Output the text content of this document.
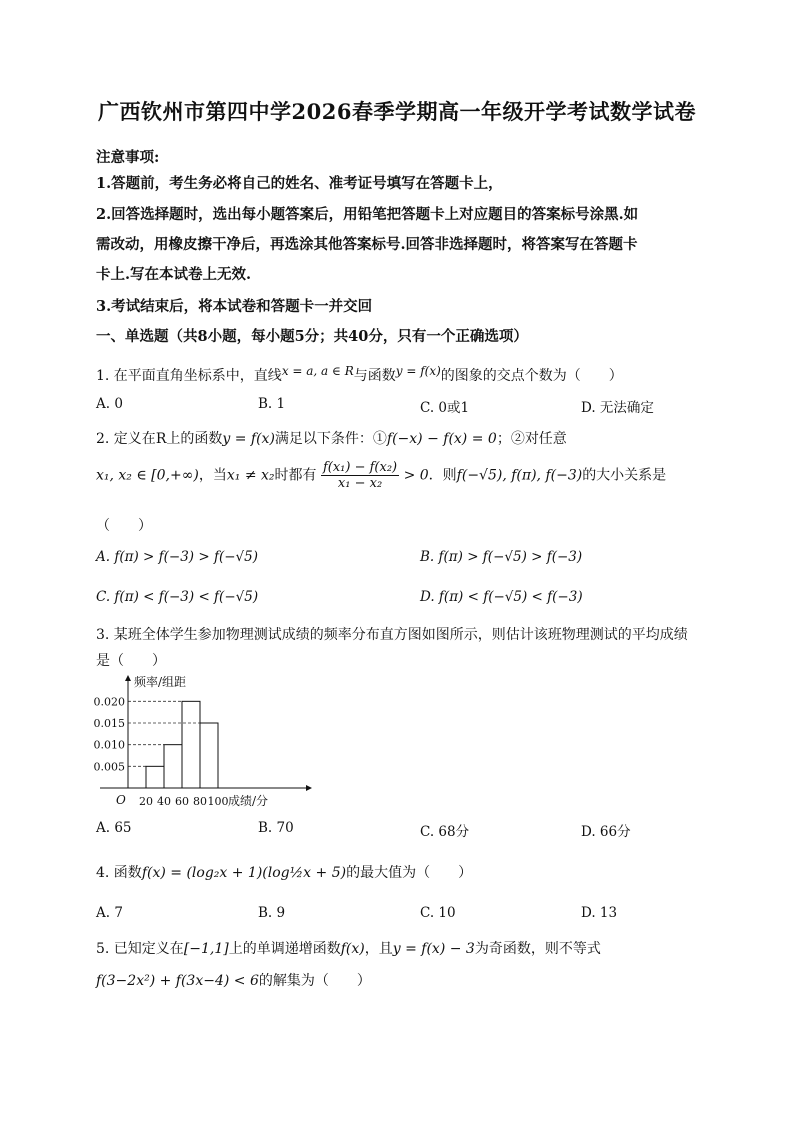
广西钦州市第四中学2026春季学期高一年级开学考试数学试卷
注意事项:
1.答题前，考生务必将自己的姓名、准考证号填写在答题卡上，
2.回答选择题时，选出每小题答案后，用铅笔把答题卡上对应题目的答案标号涂黑.如
需改动，用橡皮擦干净后，再选涂其他答案标号.回答非选择题时，将答案写在答题卡
卡上.写在本试卷上无效.
3.考试结束后，将本试卷和答题卡一并交回
一、单选题（共8小题，每小题5分；共40分，只有一个正确选项）
1. 在平面直角坐标系中，直线x = a, a ∈ R与函数y = f(x)的图象的交点个数为（　　）
A. 0	B. 1	C. 0或1	D. 无法确定
2. 定义在R上的函数y = f(x)满足以下条件：①f(−x) − f(x) = 0；②对任意
x₁, x₂ ∈ [0,+∞)，当x₁ ≠ x₂时都有 $\frac{\text{f(x₁) − f(x₂)}}{\text{x₁ − x₂}} > 0$．则f(−√5), f(π), f(−3)的大小关系是
（　　）
A. f(π) > f(−3) > f(−√5)	B. f(π) > f(−√5) > f(−3)
C. f(π) < f(−3) < f(−√5)	D. f(π) < f(−√5) < f(−3)
3. 某班全体学生参加物理测试成绩的频率分布直方图如图所示，则估计该班物理测试的平均成绩
是（　　）
0.005
0.010
0.015
0.020
20 40 60 80 100
O
频率/组距
成绩/分
A. 65	B. 70	C. 68分	D. 66分
4. 函数f(x) = (log₂x + 1)(log½x + 5)的最大值为（　　）
A. 7	B. 9	C. 10	D. 13
5. 已知定义在[−1,1]上的单调递增函数f(x)，且y = f(x) − 3为奇函数，则不等式
f(3−2x²) + f(3x−4) < 6的解集为（　　）
